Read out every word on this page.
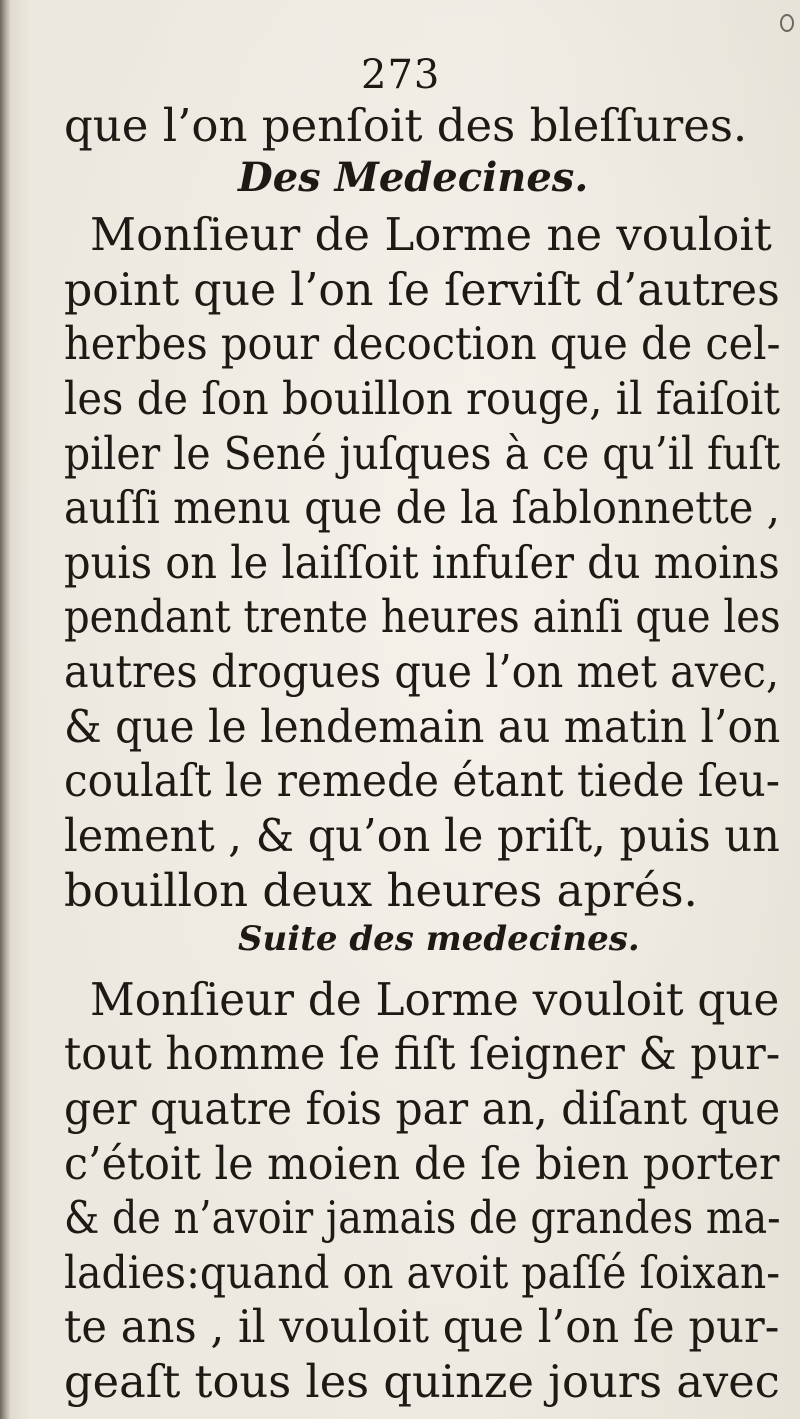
273
que l’on penſoit des bleſſures.
Des Medecines.
Monſieur de Lorme ne vouloit
point que l’on ſe ſerviſt d’autres
herbes pour decoction que de cel-
les de ſon bouillon rouge, il faiſoit
piler le Sené juſques à ce qu’il fuſt
auſſi menu que de la ſablonnette ,
puis on le laiſſoit infuſer du moins
pendant trente heures ainſi que les
autres drogues que l’on met avec,
& que le lendemain au matin l’on
coulaſt le remede étant tiede ſeu-
lement , & qu’on le priſt, puis un
bouillon deux heures aprés.
Suite des medecines.
Monſieur de Lorme vouloit que
tout homme ſe fiſt ſeigner & pur-
ger quatre fois par an, diſant que
c’étoit le moien de ſe bien porter
& de n’avoir jamais de grandes ma-
ladies:quand on avoit paſſé ſoixan-
te ans , il vouloit que l’on ſe pur-
geaſt tous les quinze jours avec
